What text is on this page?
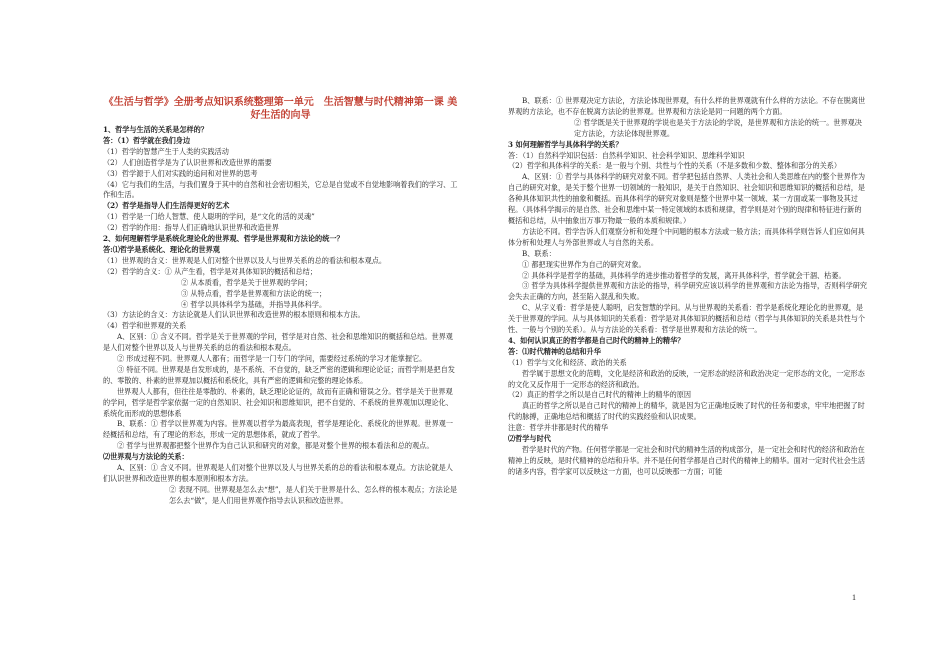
《生活与哲学》全册考点知识系统整理第一单元　生活智慧与时代精神第一课 美好生活的向导
1、哲学与生活的关系是怎样的？
答：（1）哲学就在我们身边
（1）哲学的智慧产生于人类的实践活动
（2）人们创造哲学是为了认识世界和改造世界的需要
（3）哲学源于人们对实践的追问和对世界的思考
（4）它与我们的生活，与我们置身于其中的自然和社会密切相关，它总是自觉或不自觉地影响着我们的学习、工作和生活。
（2）哲学是指导人们生活得更好的艺术
（1）哲学是一门给人智慧、使人聪明的学问，是“文化的活的灵魂”
（2）哲学的作用：指导人们正确地认识世界和改造世界
2、如何理解哲学是系统化理论化的世界观、哲学是世界观和方法论的统一？
答:⑴哲学是系统化、理论化的世界观
（1）世界观的含义：世界观是人们对整个世界以及人与世界关系的总的看法和根本观点。
（2）哲学的含义：① 从产生看，哲学是对具体知识的概括和总结；
② 从本质看，哲学是关于世界观的学问；
③ 从特点看，哲学是世界观和方法论的统一；
④ 哲学以具体科学为基础，并指导具体科学。
（3）方法论的含义：方法论就是人们认识世界和改造世界的根本原则和根本方法。
（4）哲学和世界观的关系
A、区别：① 含义不同。哲学是关于世界观的学问，哲学是对自然、社会和思维知识的概括和总结。世界观是人们对整个世界以及人与世界关系的总的看法和根本观点。
② 形成过程不同。世界观人人都有；而哲学是一门专门的学问，需要经过系统的学习才能掌握它。
③ 特征不同。世界观是自发形成的，是不系统、不自觉的，缺乏严密的逻辑和理论论证；而哲学则是把自发的、零散的、朴素的世界观加以概括和系统化，具有严密的逻辑和完整的理论体系。
世界观人人都有，但往往是零散的、朴素的，缺乏理论论证的，故而有正确和错误之分。哲学是关于世界观的学问，哲学是哲学家依据一定的自然知识、社会知识和思维知识，把不自觉的、不系统的世界观加以理论化、系统化而形成的思想体系
B、联系：① 哲学以世界观为内容。世界观以哲学为最高表现，哲学是理论化、系统化的世界观。世界观一经概括和总结，有了理论的形态，形成一定的思想体系，就成了哲学。
② 哲学与世界观都把整个世界作为自己认识和研究的对象，都是对整个世界的根本看法和总的观点。
⑵世界观与方法论的关系：
A、区别：① 含义不同。世界观是人们对整个世界以及人与世界关系的总的看法和根本观点。方法论就是人们认识世界和改造世界的根本原则和根本方法。
② 表现不同。世界观是怎么去“想”，是人们关于世界是什么、怎么样的根本观点；方法论是怎么去“做”，是人们用世界观作指导去认识和改造世界。
B、联系：① 世界观决定方法论，方法论体现世界观，有什么样的世界观就有什么样的方法论。不存在脱离世界观的方法论，也不存在脱离方法论的世界观。世界观和方法论是同一问题的两个方面。
② 哲学既是关于世界观的学说也是关于方法论的学说，是世界观和方法论的统一。世界观决定方法论，方法论体现世界观。
3 如何理解哲学与具体科学的关系？
答：（1）自然科学知识包括：自然科学知识、社会科学知识、思维科学知识
（2）哲学和具体科学的关系：是一般与个别、共性与个性的关系（不是多数和少数、整体和部分的关系）
A、区别：① 哲学与具体科学的研究对象不同。哲学把包括自然界、人类社会和人类思维在内的整个世界作为自己的研究对象，是关于整个世界一切领域的一般知识，是关于自然知识、社会知识和思维知识的概括和总结，是各种具体知识共性的抽象和概括。而具体科学的研究对象则是整个世界中某一领域、某一方面或某一事物及其过程。（具体科学揭示的是自然、社会和思维中某一特定领域的本质和规律，哲学则是对个别的现律和特征进行新的概括和总结，从中抽象出万事万物最一般的本质和规律。）
方法论不同。哲学告诉人们观察分析和处理个中问题的根本方法或一般方法；而具体科学则告诉人们应如何具体分析和处理人与外部世界或人与自然的关系。
B、联系：
① 都把现实世界作为自己的研究对象。
② 具体科学是哲学的基础，具体科学的进步推动着哲学的发展，离开具体科学，哲学就会干涸、枯萎。
③ 哲学为具体科学提供世界观和方法论的指导，科学研究应该以科学的世界观和方法论为指导，否则科学研究会失去正确的方向，甚至陷入混乱和失败。
C、从字义看：哲学是使人聪明，启发智慧的学问。从与世界观的关系看：哲学是系统化理论化的世界观，是关于世界观的学问。从与具体知识的关系看：哲学是对具体知识的概括和总结（哲学与具体知识的关系是共性与个性、一般与个别的关系）。从与方法论的关系看：哲学是世界观和方法论的统一。
4、如何认识真正的哲学都是自己时代的精神上的精华？
答：⑴时代精神的总结和升华
（1）哲学与文化和经济、政治的关系
哲学属于思想文化的范畴，文化是经济和政治的反映，一定形态的经济和政治决定一定形态的文化，一定形态的文化又反作用于一定形态的经济和政治。
（2）真正的哲学之所以是自己时代的精神上的精华的原因
真正的哲学之所以是自己时代的精神上的精华，就是因为它正确地反映了时代的任务和要求，牢牢地把握了时代的脉搏，正确地总结和概括了时代的实践经验和认识成果。
注意：哲学并非都是时代的精华
⑵哲学与时代
哲学是时代的产物。任何哲学都是一定社会和时代的精神生活的构成部分，是一定社会和时代的经济和政治在精神上的反映，是时代精神的总结和升华。并不是任何哲学都是自己时代的精神上的精华。面对一定时代社会生活的诸多内容，哲学家可以反映这一方面，也可以反映那一方面；可能
1
